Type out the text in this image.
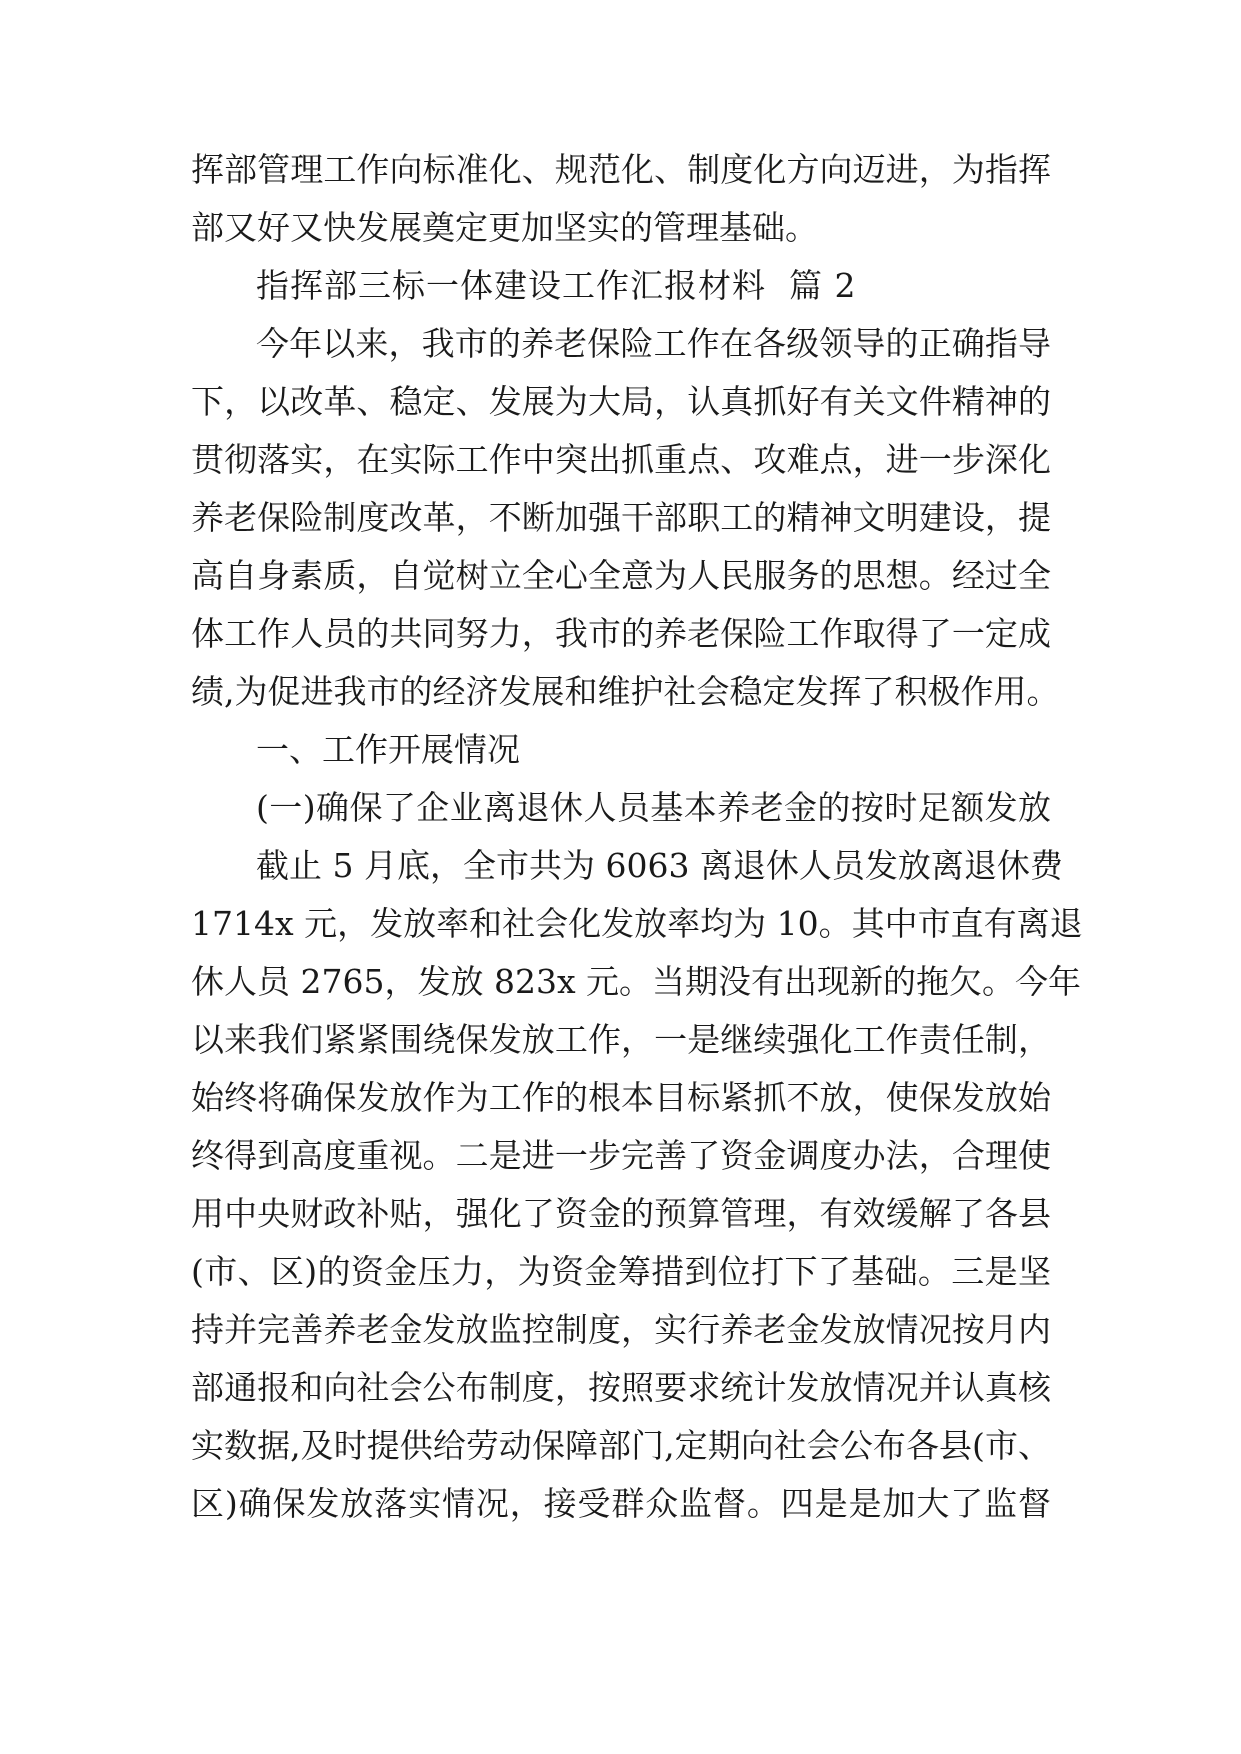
挥部管理工作向标准化、规范化、制度化方向迈进，为指挥
部又好又快发展奠定更加坚实的管理基础。
指挥部三标一体建设工作汇报材料  篇 2
今年以来，我市的养老保险工作在各级领导的正确指导
下，以改革、稳定、发展为大局，认真抓好有关文件精神的
贯彻落实，在实际工作中突出抓重点、攻难点，进一步深化
养老保险制度改革，不断加强干部职工的精神文明建设，提
高自身素质，自觉树立全心全意为人民服务的思想。经过全
体工作人员的共同努力，我市的养老保险工作取得了一定成
绩,为促进我市的经济发展和维护社会稳定发挥了积极作用。
一、工作开展情况
(一)确保了企业离退休人员基本养老金的按时足额发放
截止 5 月底，全市共为 6063 离退休人员发放离退休费
1714x 元，发放率和社会化发放率均为 10。其中市直有离退
休人员 2765，发放 823x 元。当期没有出现新的拖欠。今年
以来我们紧紧围绕保发放工作，一是继续强化工作责任制，
始终将确保发放作为工作的根本目标紧抓不放，使保发放始
终得到高度重视。二是进一步完善了资金调度办法，合理使
用中央财政补贴，强化了资金的预算管理，有效缓解了各县
(市、区)的资金压力，为资金筹措到位打下了基础。三是坚
持并完善养老金发放监控制度，实行养老金发放情况按月内
部通报和向社会公布制度，按照要求统计发放情况并认真核
实数据,及时提供给劳动保障部门,定期向社会公布各县(市、
区)确保发放落实情况，接受群众监督。四是是加大了监督
